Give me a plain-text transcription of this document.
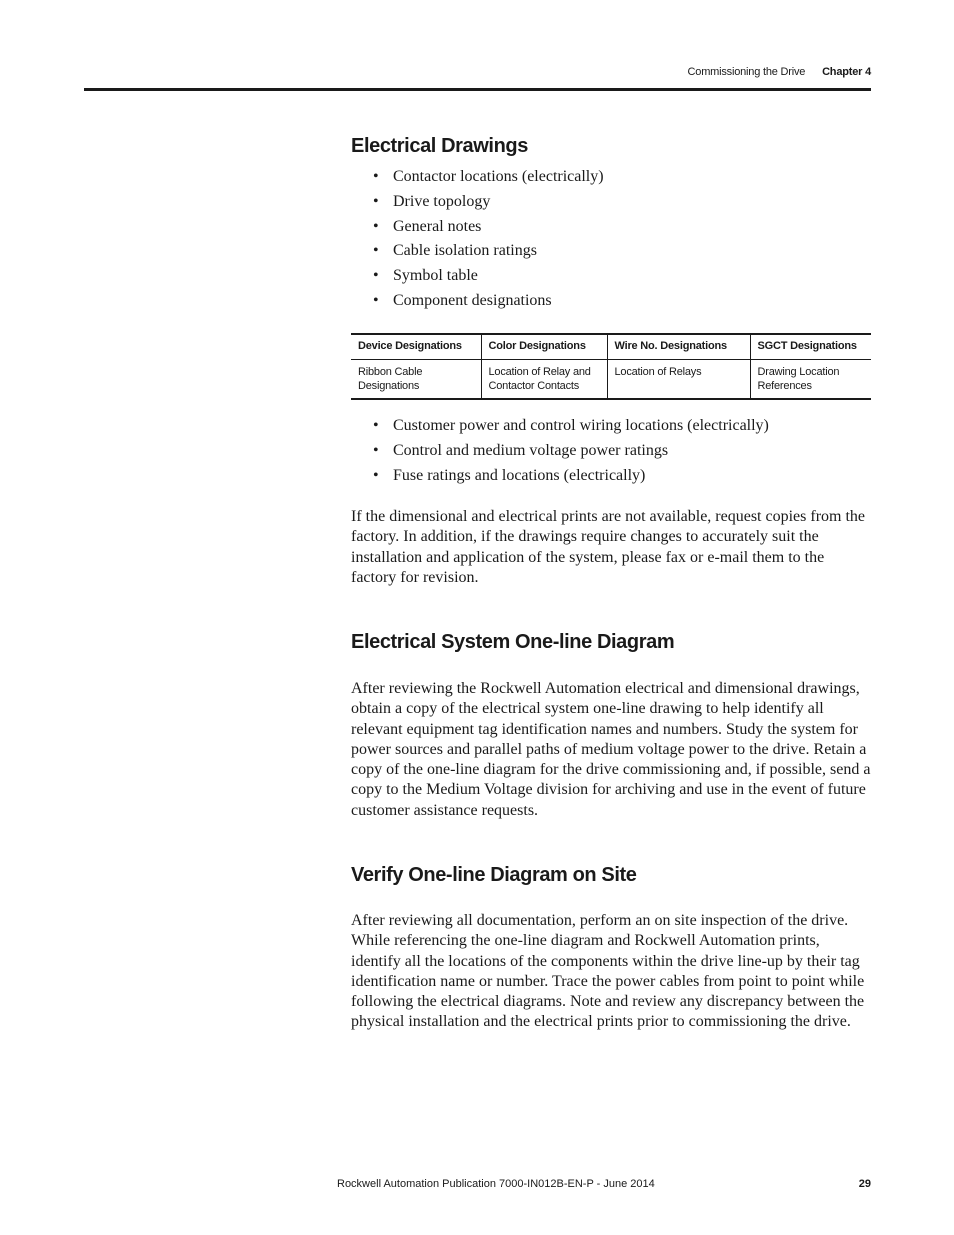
Commissioning the Drive Chapter 4
Electrical Drawings
• Contactor locations (electrically)
• Drive topology
• General notes
• Cable isolation ratings
• Symbol table
• Component designations
Device Designations	Color Designations	Wire No. Designations	SGCT Designations
Ribbon Cable Designations	Location of Relay and Contactor Contacts	Location of Relays	Drawing Location References
• Customer power and control wiring locations (electrically)
• Control and medium voltage power ratings
• Fuse ratings and locations (electrically)

If the dimensional and electrical prints are not available, request copies from the factory. In addition, if the drawings require changes to accurately suit the installation and application of the system, please fax or e-mail them to the factory for revision.

Electrical System One-line Diagram

After reviewing the Rockwell Automation electrical and dimensional drawings, obtain a copy of the electrical system one-line drawing to help identify all relevant equipment tag identification names and numbers. Study the system for power sources and parallel paths of medium voltage power to the drive. Retain a copy of the one-line diagram for the drive commissioning and, if possible, send a copy to the Medium Voltage division for archiving and use in the event of future customer assistance requests.

Verify One-line Diagram on Site

After reviewing all documentation, perform an on site inspection of the drive. While referencing the one-line diagram and Rockwell Automation prints, identify all the locations of the components within the drive line-up by their tag identification name or number. Trace the power cables from point to point while following the electrical diagrams. Note and review any discrepancy between the physical installation and the electrical prints prior to commissioning the drive.

Rockwell Automation Publication 7000-IN012B-EN-P - June 2014	29
